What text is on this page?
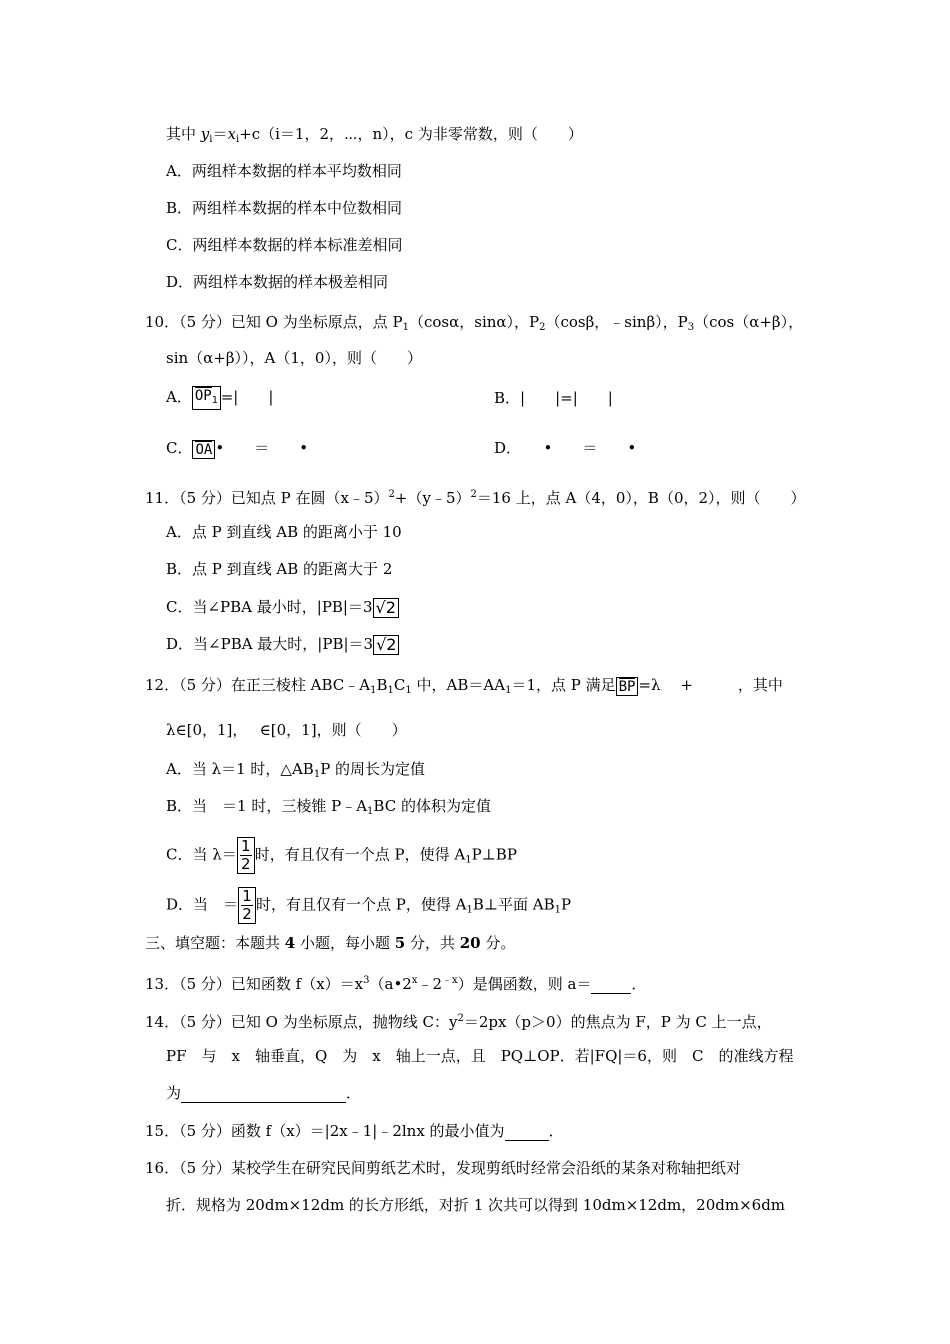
其中 $y_i=x_i+c(i=1$，2，⋯，n），c 为非零常数，则（　　）
A．两组样本数据的样本平均数相同
B．两组样本数据的样本中位数相同
C．两组样本数据的样本标准差相同
D．两组样本数据的样本极差相同
10．（5 分）已知 O 为坐标原点，点 $P_1(\cos\alpha$，sinα），$P_2(\cos\beta$，﹣sinβ），$P_3(\cos(\alpha+\beta)$，
sin（α+β）），A（1，0），则（　　）
A． $OP_1$ =|　　|	B．|　　|=|　　|
C． OA •　　＝　　•	D．　　•　　＝　　•
11．（5 分）已知点 P 在圆（x﹣5）$^2$+（y﹣5）$^2$＝16 上，点 A（4，0），B（0，2），则（　　）
A．点 P 到直线 AB 的距离小于 10
B．点 P 到直线 AB 的距离大于 2
C．当∠PBA 最小时，|PB|＝3 √2
D．当∠PBA 最大时，|PB|＝3 √2
12．（5 分）在正三棱柱 $ABC﹣A_1B_1C_1$ 中，$AB=AA_1=1$，点 P 满足 BP =λ　 +　　　，其中
λ∈[0，1]，　 ∈[0，1]，则（　　）
A．当 λ＝1 时，$\triangle AB_1P$ 的周长为定值
B．当　＝1 时，三棱锥 $P﹣A_1BC$ 的体积为定值
C．当 $\lambda= \frac{1}{2}$ 时，有且仅有一个点 P，使得 $A_1P\perp BP$
D．当　＝ $\frac{1}{2}$ 时，有且仅有一个点 P，使得 $A_1B\perp$平面 $AB_1P$
三、填空题：本题共 4 小题，每小题 5 分，共 20 分。
13．（5 分）已知函数 $f(x)=x^3(a•2^x﹣2^{﹣x})$是偶函数，则 a＝	．
14．（5 分）已知 O 为坐标原点，抛物线 C：$y^2=2px(p>0)$的焦点为 F，P 为 C 上一点，
PF　与　x　轴垂直，Q　为　x　轴上一点，且　PQ⊥OP．若|FQ|＝6，则　C　的准线方程
为	．
15．（5 分）函数 f（x）＝|2x﹣1|﹣2lnx 的最小值为	．
16．（5 分）某校学生在研究民间剪纸艺术时，发现剪纸时经常会沿纸的某条对称轴把纸对
折．规格为 20dm×12dm 的长方形纸，对折 1 次共可以得到 10dm×12dm，20dm×6dm
